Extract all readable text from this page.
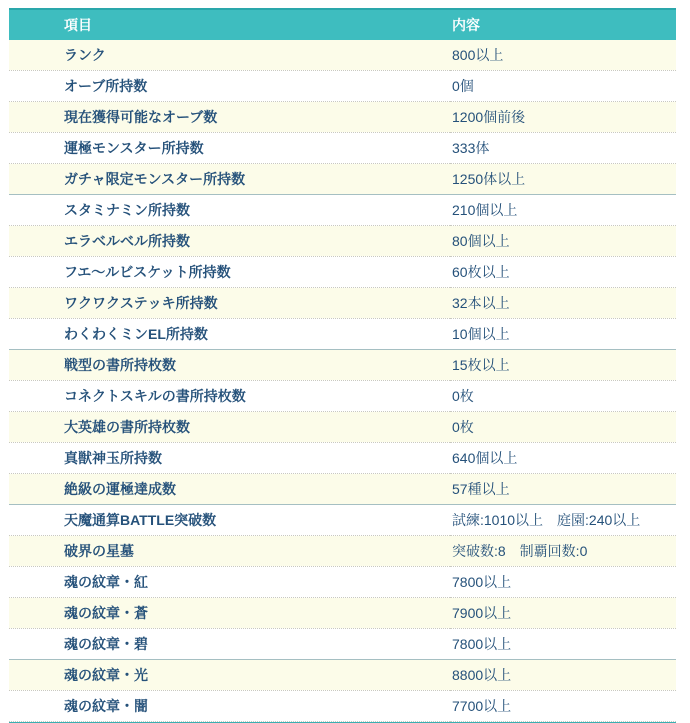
項目	内容
ランク	800以上
オーブ所持数	0個
現在獲得可能なオーブ数	1200個前後
運極モンスター所持数	333体
ガチャ限定モンスター所持数	1250体以上
スタミナミン所持数	210個以上
エラベルベル所持数	80個以上
フエ〜ルビスケット所持数	60枚以上
ワクワクステッキ所持数	32本以上
わくわくミンEL所持数	10個以上
戦型の書所持枚数	15枚以上
コネクトスキルの書所持枚数	0枚
大英雄の書所持枚数	0枚
真獣神玉所持数	640個以上
絶級の運極達成数	57種以上
天魔通算BATTLE突破数	試練:1010以上　庭園:240以上
破界の星墓	突破数:8　制覇回数:0
魂の紋章・紅	7800以上
魂の紋章・蒼	7900以上
魂の紋章・碧	7800以上
魂の紋章・光	8800以上
魂の紋章・闇	7700以上
